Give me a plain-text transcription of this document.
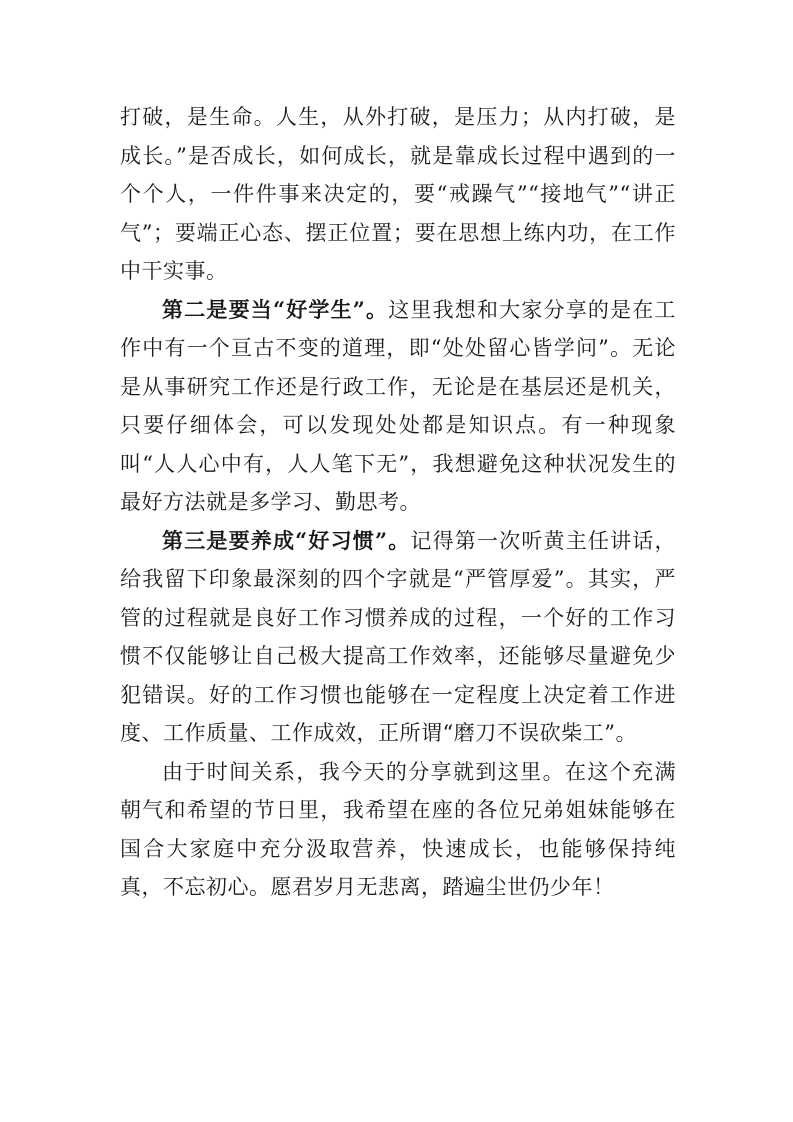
打破，是生命。人生，从外打破，是压力；从内打破，是成长。”是否成长，如何成长，就是靠成长过程中遇到的一个个人，一件件事来决定的，要“戒躁气”“接地气”“讲正气”；要端正心态、摆正位置；要在思想上练内功，在工作中干实事。

第二是要当“好学生”。这里我想和大家分享的是在工作中有一个亘古不变的道理，即“处处留心皆学问”。无论是从事研究工作还是行政工作，无论是在基层还是机关，只要仔细体会，可以发现处处都是知识点。有一种现象叫“人人心中有，人人笔下无”，我想避免这种状况发生的最好方法就是多学习、勤思考。

第三是要养成“好习惯”。记得第一次听黄主任讲话，给我留下印象最深刻的四个字就是“严管厚爱”。其实，严管的过程就是良好工作习惯养成的过程，一个好的工作习惯不仅能够让自己极大提高工作效率，还能够尽量避免少犯错误。好的工作习惯也能够在一定程度上决定着工作进度、工作质量、工作成效，正所谓“磨刀不误砍柴工”。

由于时间关系，我今天的分享就到这里。在这个充满朝气和希望的节日里，我希望在座的各位兄弟姐妹能够在国合大家庭中充分汲取营养，快速成长，也能够保持纯真，不忘初心。愿君岁月无悲离，踏遍尘世仍少年！
